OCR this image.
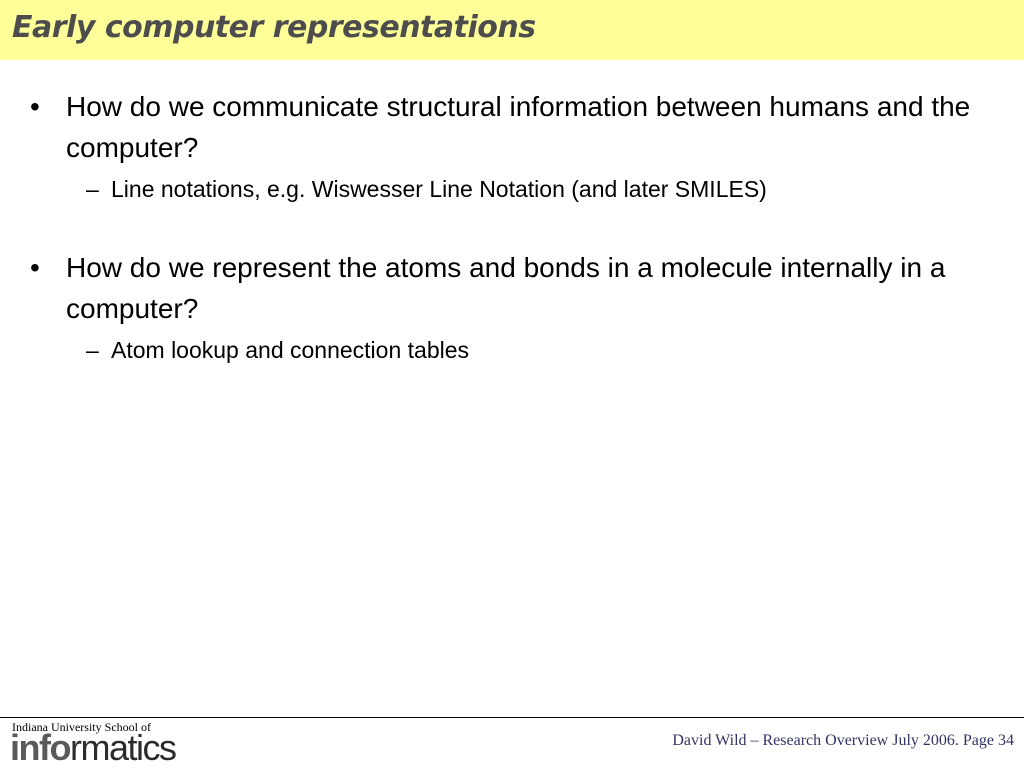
Early computer representations
• How do we communicate structural information between humans and the computer?
– Line notations, e.g. Wiswesser Line Notation (and later SMILES)
• How do we represent the atoms and bonds in a molecule internally in a computer?
– Atom lookup and connection tables
Indiana University School of
informatics	David Wild – Research Overview July 2006. Page 34
